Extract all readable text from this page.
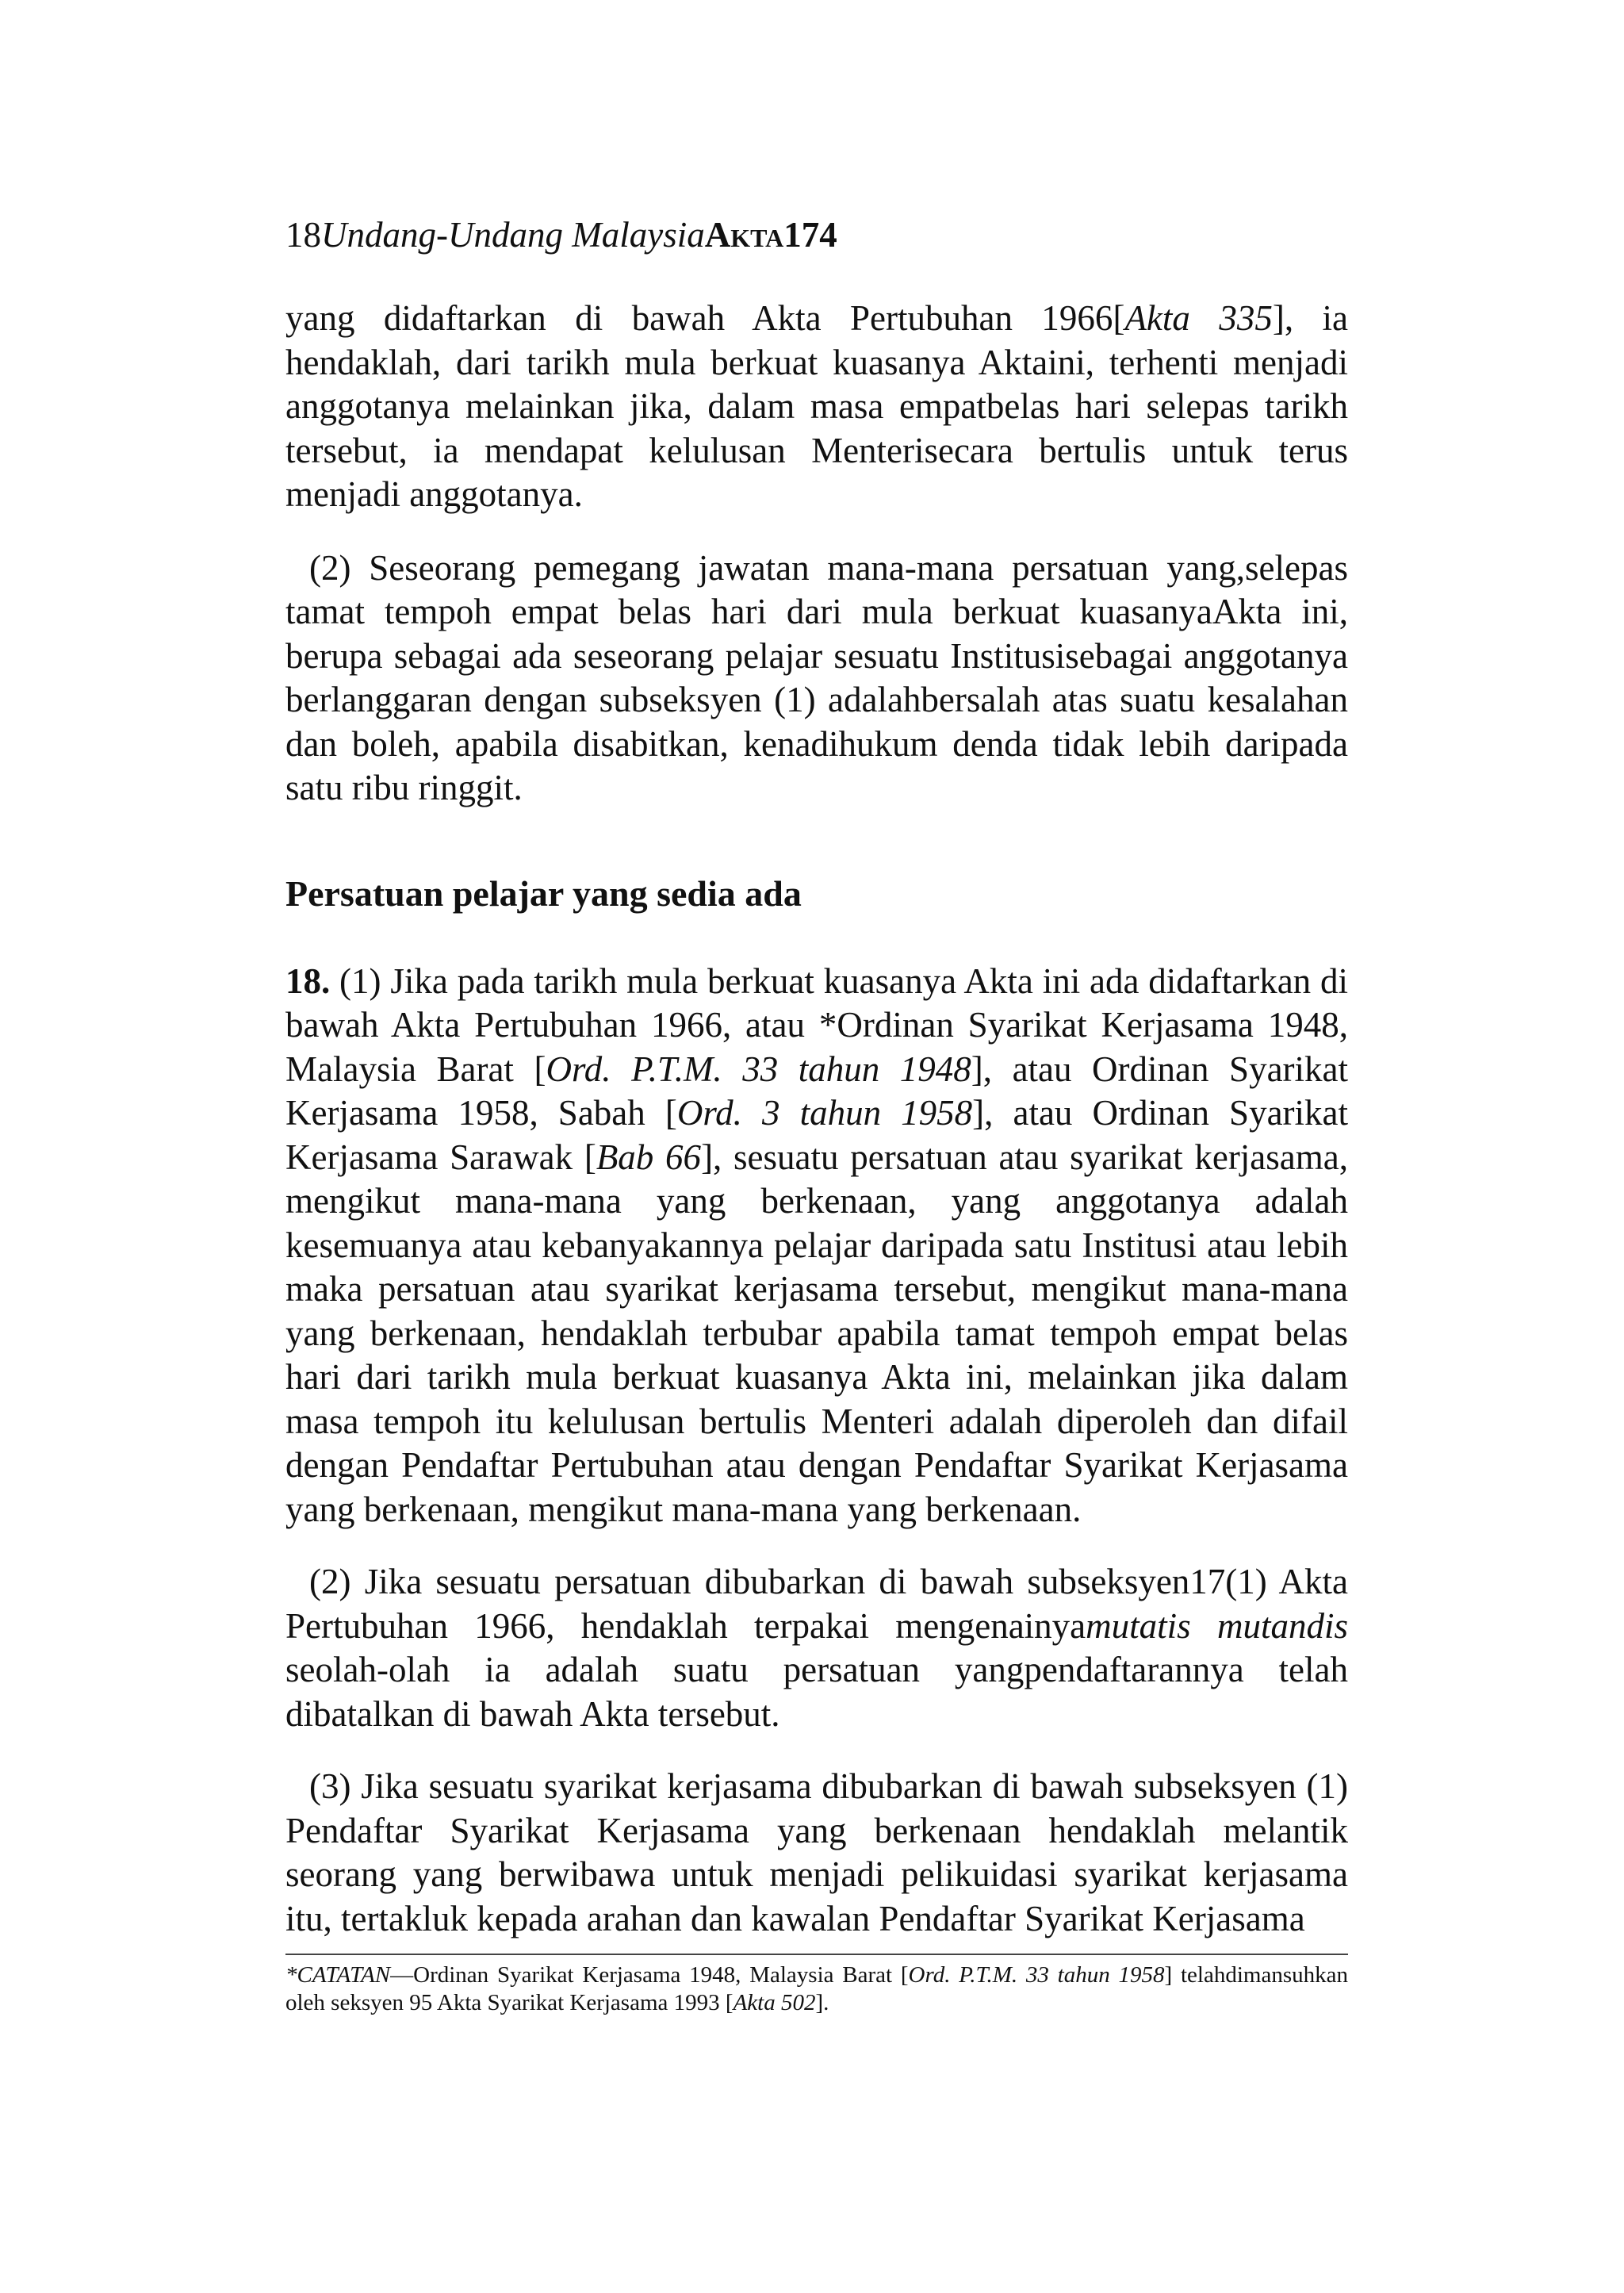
18Undang-Undang MalaysiaAkta174

yang didaftarkan di bawah Akta Pertubuhan 1966[Akta 335], ia hendaklah, dari tarikh mula berkuat kuasanya Aktaini, terhenti menjadi anggotanya melainkan jika, dalam masa empatbelas hari selepas tarikh tersebut, ia mendapat kelulusan Menterisecara bertulis untuk terus menjadi anggotanya.

(2) Seseorang pemegang jawatan mana-mana persatuan yang,selepas tamat tempoh empat belas hari dari mula berkuat kuasanyaAkta ini, berupa sebagai ada seseorang pelajar sesuatu Institusisebagai anggotanya berlanggaran dengan subseksyen (1) adalahbersalah atas suatu kesalahan dan boleh, apabila disabitkan, kenadihukum denda tidak lebih daripada satu ribu ringgit.

Persatuan pelajar yang sedia ada

18. (1) Jika pada tarikh mula berkuat kuasanya Akta ini ada didaftarkan di bawah Akta Pertubuhan 1966, atau *Ordinan Syarikat Kerjasama 1948, Malaysia Barat [Ord. P.T.M. 33 tahun 1948], atau Ordinan Syarikat Kerjasama 1958, Sabah [Ord. 3 tahun 1958], atau Ordinan Syarikat Kerjasama Sarawak [Bab 66], sesuatu persatuan atau syarikat kerjasama, mengikut mana-mana yang berkenaan, yang anggotanya adalah kesemuanya atau kebanyakannya pelajar daripada satu Institusi atau lebih maka persatuan atau syarikat kerjasama tersebut, mengikut mana-mana yang berkenaan, hendaklah terbubar apabila tamat tempoh empat belas hari dari tarikh mula berkuat kuasanya Akta ini, melainkan jika dalam masa tempoh itu kelulusan bertulis Menteri adalah diperoleh dan difail dengan Pendaftar Pertubuhan atau dengan Pendaftar Syarikat Kerjasama yang berkenaan, mengikut mana-mana yang berkenaan.

(2) Jika sesuatu persatuan dibubarkan di bawah subseksyen17(1) Akta Pertubuhan 1966, hendaklah terpakai mengenainyamutatis mutandis seolah-olah ia adalah suatu persatuan yangpendaftarannya telah dibatalkan di bawah Akta tersebut.

(3) Jika sesuatu syarikat kerjasama dibubarkan di bawah subseksyen (1) Pendaftar Syarikat Kerjasama yang berkenaan hendaklah melantik seorang yang berwibawa untuk menjadi pelikuidasi syarikat kerjasama itu, tertakluk kepada arahan dan kawalan Pendaftar Syarikat Kerjasama

*CATATAN—Ordinan Syarikat Kerjasama 1948, Malaysia Barat [Ord. P.T.M. 33 tahun 1958] telahdimansuhkan oleh seksyen 95 Akta Syarikat Kerjasama 1993 [Akta 502].
